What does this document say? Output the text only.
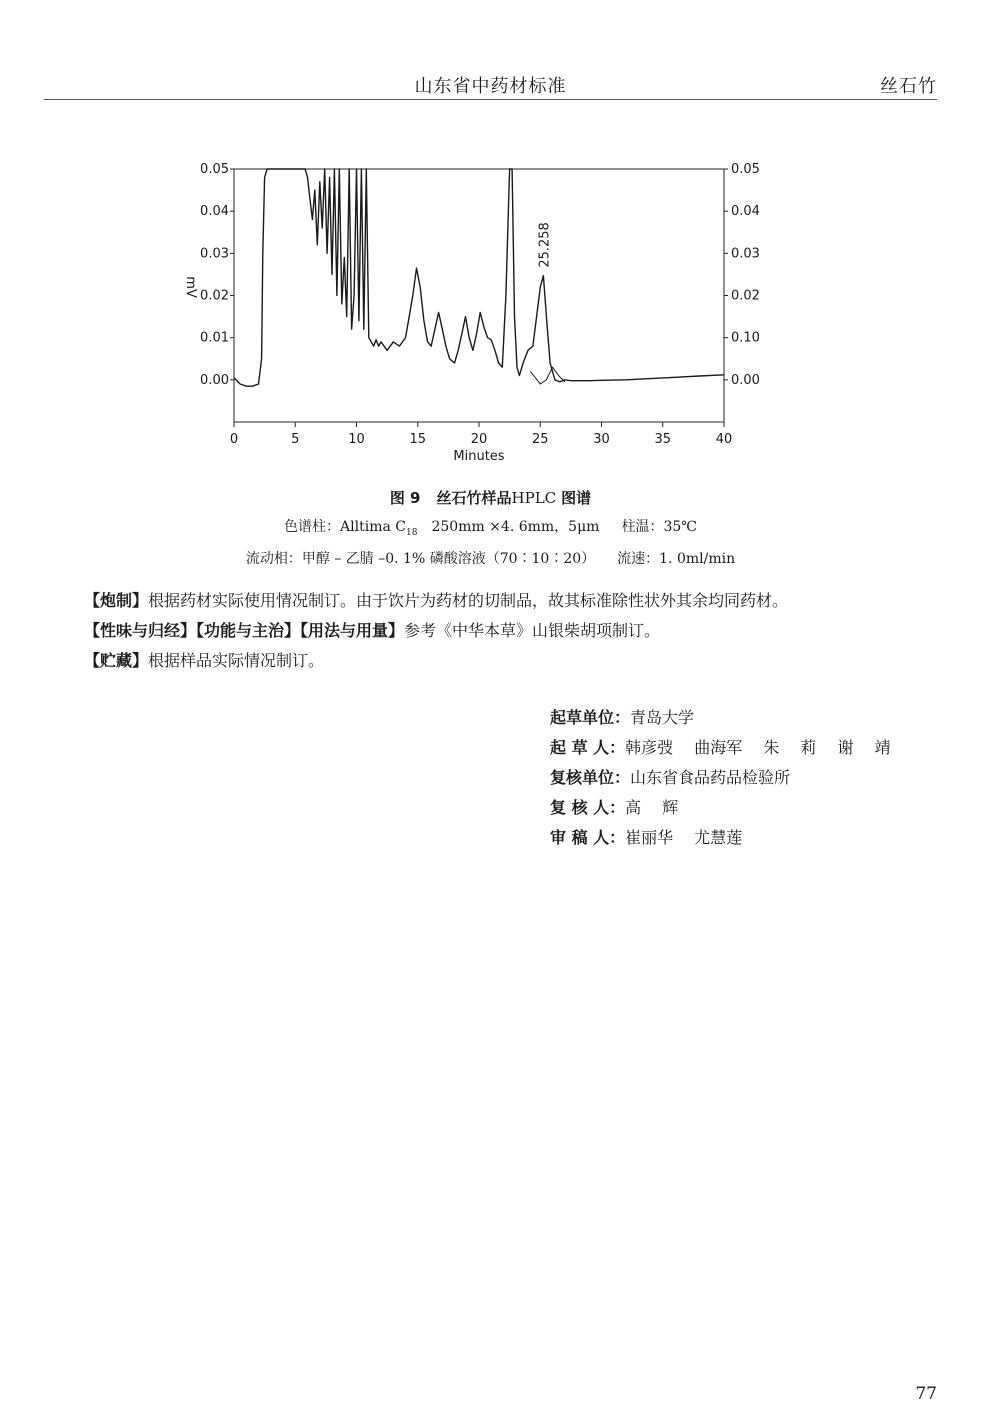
山东省中药材标准	丝石竹
0.05	0.05
0.04	0.04
0.03	0.03
0.02	0.02
0.01	0.10
0.00	0.00
0	5	10	15	20	25	30	35	40
Minutes
mV
25.258
图 9 丝石竹样品HPLC 图谱
色谱柱：Alltima $C_{18}$　250mm ×4. 6mm，5μm 柱温：35℃
流动相：甲醇 – 乙腈 –0. 1% 磷酸溶液（70∶10∶20） 流速：1. 0ml/min
【炮制】根据药材实际使用情况制订。由于饮片为药材的切制品，故其标准除性状外其余均同药材。
【性味与归经】【功能与主治】【用法与用量】参考《中华本草》山银柴胡项制订。
【贮藏】根据样品实际情况制订。
起草单位：青岛大学
起 草 人：韩彦弢　 曲海军　 朱　 莉　 谢　 靖
复核单位：山东省食品药品检验所
复 核 人：高　 辉
审 稿 人：崔丽华　 尤慧莲
77
